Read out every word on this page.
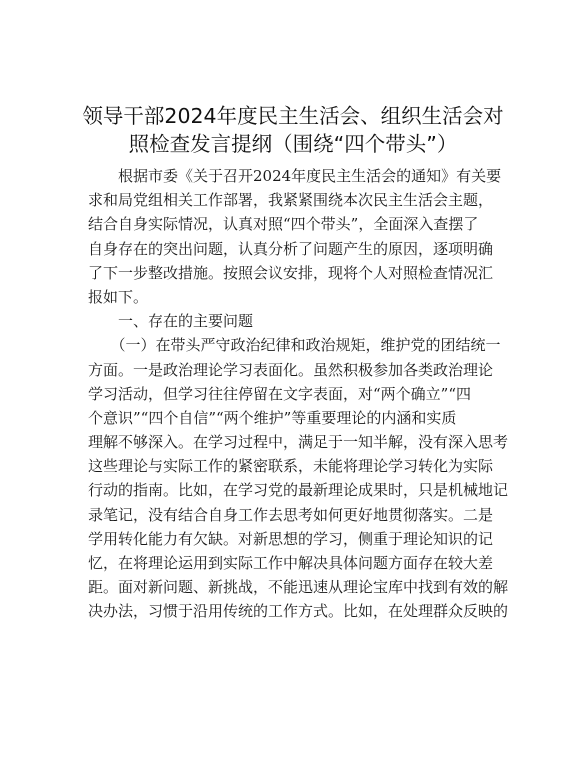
领导干部2024年度民主生活会、组织生活会对
照检查发言提纲（围绕“四个带头”）
　　根据市委《关于召开2024年度民主生活会的通知》有关要
求和局党组相关工作部署，我紧紧围绕本次民主生活会主题，
结合自身实际情况，认真对照“四个带头”，全面深入查摆了
自身存在的突出问题，认真分析了问题产生的原因，逐项明确
了下一步整改措施。按照会议安排，现将个人对照检查情况汇
报如下。
　　一、存在的主要问题
　　（一）在带头严守政治纪律和政治规矩，维护党的团结统一
方面。一是政治理论学习表面化。虽然积极参加各类政治理论
学习活动，但学习往往停留在文字表面，对“两个确立”“四
个意识”“四个自信”“两个维护”等重要理论的内涵和实质
理解不够深入。在学习过程中，满足于一知半解，没有深入思考
这些理论与实际工作的紧密联系，未能将理论学习转化为实际
行动的指南。比如，在学习党的最新理论成果时，只是机械地记
录笔记，没有结合自身工作去思考如何更好地贯彻落实。二是
学用转化能力有欠缺。对新思想的学习，侧重于理论知识的记
忆，在将理论运用到实际工作中解决具体问题方面存在较大差
距。面对新问题、新挑战，不能迅速从理论宝库中找到有效的解
决办法，习惯于沿用传统的工作方式。比如，在处理群众反映的
